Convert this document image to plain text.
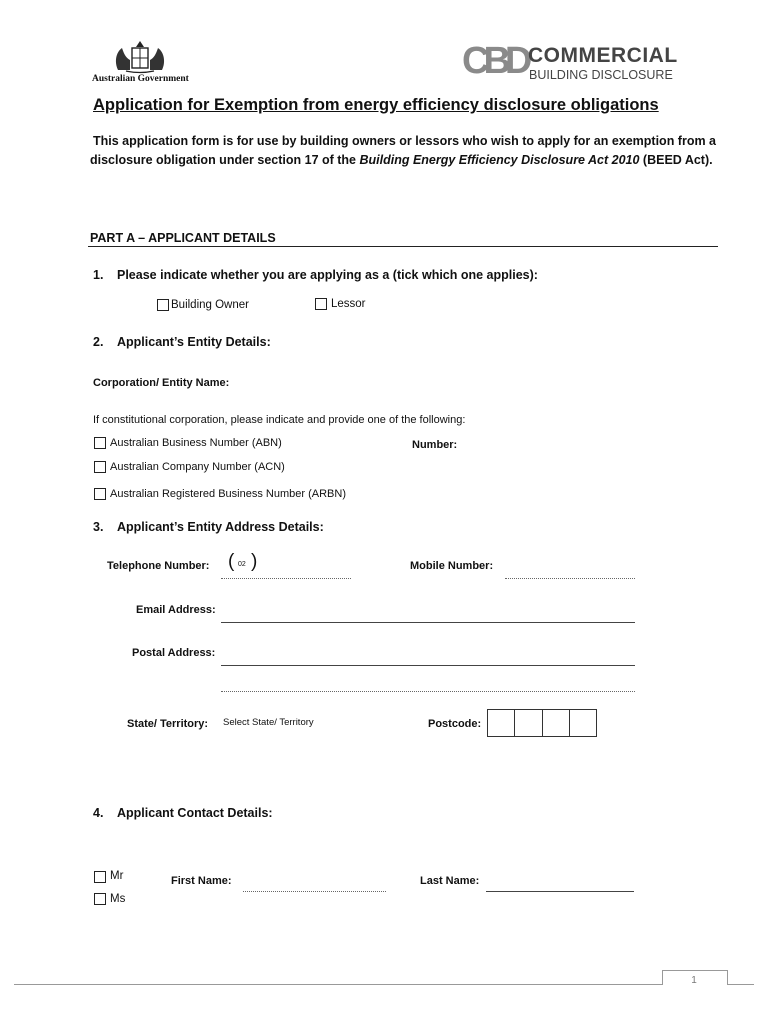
Australian Government	CBD COMMERCIAL
BUILDING DISCLOSURE
Application for Exemption from energy efficiency disclosure obligations
This application form is for use by building owners or lessors who wish to apply for an exemption from a disclosure obligation under section 17 of the Building Energy Efficiency Disclosure Act 2010 (BEED Act).
PART A – APPLICANT DETAILS
1. Please indicate whether you are applying as a (tick which one applies):
Building Owner	Lessor
2. Applicant’s Entity Details:
Corporation/ Entity Name:
If constitutional corporation, please indicate and provide one of the following:
Australian Business Number (ABN)	Number:
Australian Company Number (ACN)
Australian Registered Business Number (ARBN)
3. Applicant’s Entity Address Details:
Telephone Number: ( 02 )	Mobile Number:
Email Address:
Postal Address:
State/ Territory: Select State/ Territory	Postcode:
4. Applicant Contact Details:
Mr
Ms
First Name:	Last Name:
1
